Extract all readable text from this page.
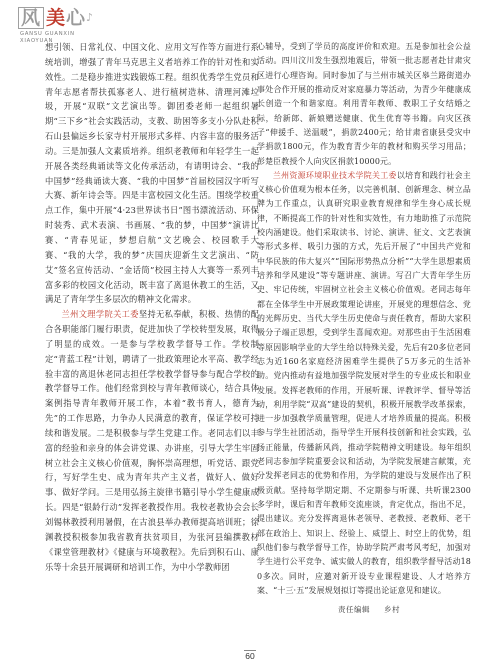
风 美心♪
GANSU GUANXIN
XIAOYUAN

想引领、日常礼仪、中国文化、应用文写作等方面进行系统培训，增强了青年马克思主义者培养工作的针对性和实效性。二是稳步推进实践锻炼工程。组织优秀学生党员和青年志愿者帮扶孤寡老人、进行植树造林、清理河滩垃圾，开展“双联”文艺演出等。御团委老师一起组织暑期“三下乡”社会实践活动，支教、助困等多支小分队赴积石山县偏远乡长家寺村开展形式多样、内容丰富的服务活动。三是加强人文素质培养。组织老教师和年轻学生一起开展各类经典诵读等文化传承活动，有请明诗会、“我的中国梦”经典诵读大赛、“我的中国梦”首届校园汉字听写大赛、新年诗会等。四是丰富校园文化生活。围绕学校重点工作，集中开展“4·23世界读书日”图书漂流活动、环保时装秀、武术表演、书画展、“我的梦，中国梦”演讲比赛、“青春见证，梦想启航”文艺晚会、校园歌手大赛、“我的大学，我的梦”庆国庆迎新生文艺演出、“防艾”签名宣传活动、“金话筒”校园主持人大赛等一系列丰富多彩的校园文化活动，既丰富了离退休教工的生活，又满足了青年学生多层次的精神文化需求。

兰州文理学院关工委坚持无私奉献，积极、热情的配合各职能部门履行职责，促进加快了学校转型发展，取得了明显的成效。一是参与学校教学督导工作。学校制定“青蓝工程”计划，聘请了一批政策理论水平高、教学经验丰富的离退休老同志担任学校教学督导参与配合学校的教学督导工作。他们经常到校与青年教师谈心，结合具体案例指导青年教师开展工作，本着“教书育人，德育为先”的工作思路，力争办人民满意的教育，保证学校可持续和谐发展。二是积极参与学生党建工作。老同志们以丰富的经验和亲身的体会讲党课、办讲座，引导大学生牢固树立社会主义核心价值观，胸怀崇高理想，听党话、跟党行，写好学生史、成为青年共产主义者，做好人、做好事、做好学问。三是用弘扬主旋律书籍引导小学生健康成长。四是“银龄行动”发挥老教授作用。我校老教协会会长刘锡林教授利用暑假，在古浪县举办教师提高培训班；徐渊教授积极参加我省教育扶贫项目，为张河县编撰教材《课堂管理教材》《健康与环境教程》。先后到积石山、康乐等十余县开展调研和培训工作，为中小学教师团

心辅导，受到了学员的高度评价和欢迎。五是参加社会公益活动。四川汶川发生强烈地震后，带领一批志愿者赴甘肃灾区进行心理咨询。同时参加了与兰州市城关区皋兰路街道办事处合作开展的推动反对家庭暴力等活动，为青少年健康成长创造一个和谐家庭。利用青年教师、教职工子女结婚之际，给新郎、新娘赠送健康、优生优育等书籍。向灾区孩子“伸援手、送温暖”，捐款2400元；给甘肃省康县受灾中学捐款1800元，作为教育青少年的教材和购买学习用品；彭楚臣教授个人向灾区捐款10000元。

兰州资源环境职业技术学院关工委以培育和践行社会主义核心价值观为根本任务，以完善机制、创新理念、树立品牌为工作重点，认真研究职业教育规律和学生身心成长规律，不断提高工作的针对性和实效性，有力地助推了示范院校内涵建设。他们采取读书、讨论、演讲、征文、文艺表演等形式多样、吸引力强的方式，先后开展了“中国共产党和中华民族的伟大复兴”“国际形势热点分析”“大学生思想素质培养和学风建设”等专题讲座、演讲。写召广大青年学生历史、牢记传统，牢固树立社会主义核心价值观。老同志每年都在全体学生中开展政策理论讲座，开展党的理想信念、党的光辉历史、当代大学生历史使命与责任教育，帮助大家积极分子端正思想，受到学生喜闻欢迎。对那些由于生活困难等原因影响学业的大学生给以特殊关爱，先后有20多位老同志为近160名家庭经济困难学生提供了5万多元的生活补助。党内推动有益地加强学院发展对学生的专业成长和职业发展。发挥老教师的作用，开展听课、评教评学、督导等活动，利用学院“双高”建设的契机，积极开展教学改革探索，进一步加强教学质量管理，促进人才培养质量的提高。积极参与学生社团活动，指导学生开展科技创新和社会实践，弘扬正能量，传播新风尚，推动学院精神文明建设。每年组织老同志参加学院重要会议和活动，为学院发展建言献策，充分发挥老同志的优势和作用，为学院的建设与发展作出了积极贡献。坚持每学期定期、不定期参与听课、共听课2300多学时，课后和青年教师交流座谈，肯定优点，指出不足，提出建议。充分发挥离退休老领导、老教授、老教师、老干部在政治上、知识上、经验上、威望上、时空上的优势，组织他们参与教学督导工作，协助学院严肃考风考纪，加强对学生进行公平竞争、诚实做人的教育，组织教学督导活动180多次。同时，应邀对新开设专业课程建设、人才培养方案、“十三·五”发展规划拟订等提出论证意见和建议。

责任编辑 乡村
60
